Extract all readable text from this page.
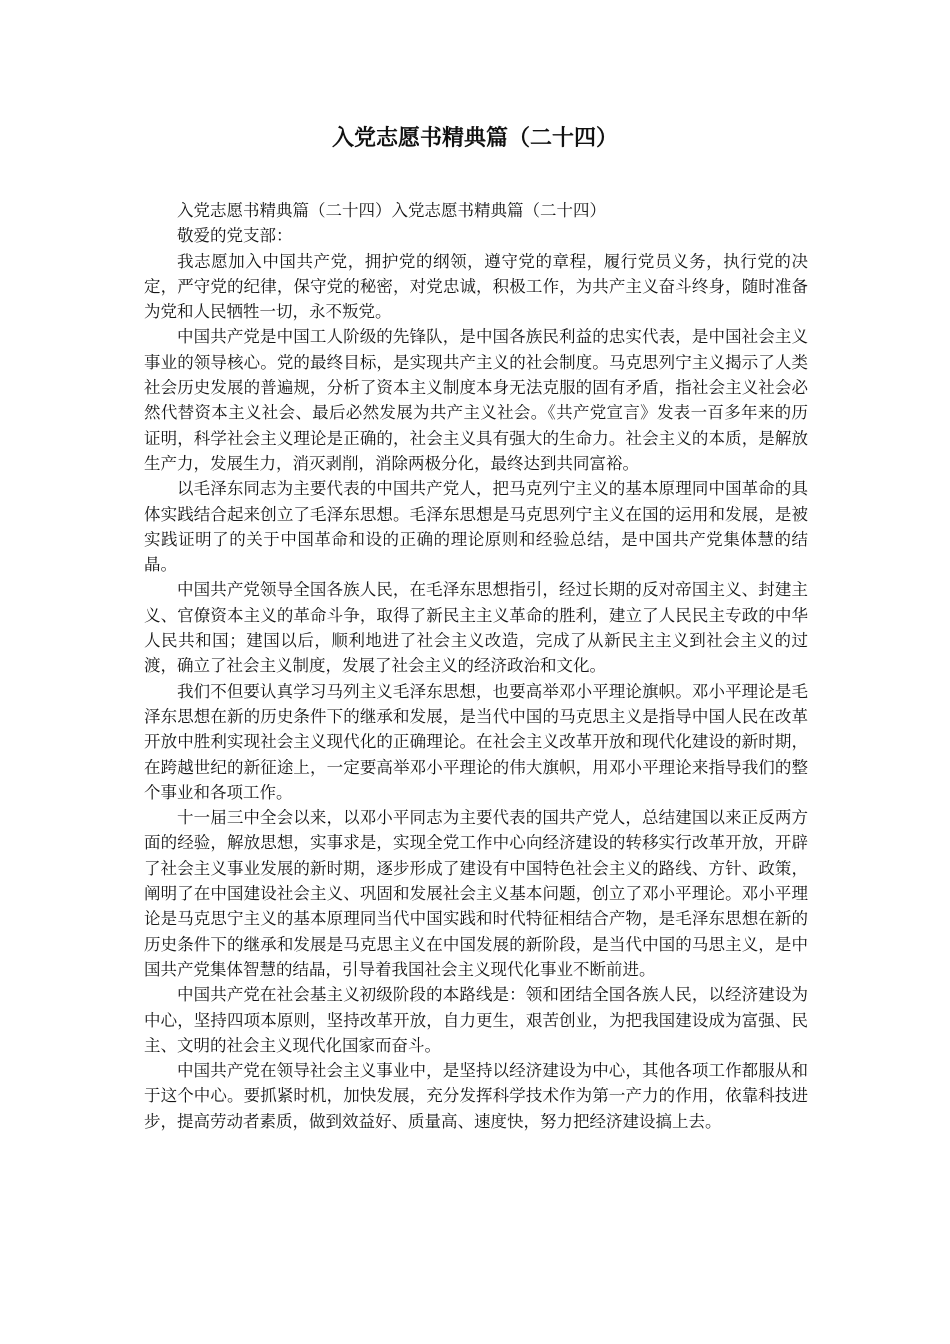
入党志愿书精典篇（二十四）

入党志愿书精典篇（二十四）入党志愿书精典篇（二十四）

敬爱的党支部：

我志愿加入中国共产党，拥护党的纲领，遵守党的章程，履行党员义务，执行党的决定，严守党的纪律，保守党的秘密，对党忠诚，积极工作，为共产主义奋斗终身，随时准备为党和人民牺牲一切，永不叛党。

中国共产党是中国工人阶级的先锋队，是中国各族民利益的忠实代表，是中国社会主义事业的领导核心。党的最终目标，是实现共产主义的社会制度。马克思列宁主义揭示了人类社会历史发展的普遍规，分析了资本主义制度本身无法克服的固有矛盾，指社会主义社会必然代替资本主义社会、最后必然发展为共产主义社会。《共产党宣言》发表一百多年来的历证明，科学社会主义理论是正确的，社会主义具有强大的生命力。社会主义的本质，是解放生产力，发展生力，消灭剥削，消除两极分化，最终达到共同富裕。

以毛泽东同志为主要代表的中国共产党人，把马克列宁主义的基本原理同中国革命的具体实践结合起来创立了毛泽东思想。毛泽东思想是马克思列宁主义在国的运用和发展，是被实践证明了的关于中国革命和设的正确的理论原则和经验总结，是中国共产党集体慧的结晶。

中国共产党领导全国各族人民，在毛泽东思想指引，经过长期的反对帝国主义、封建主义、官僚资本主义的革命斗争，取得了新民主主义革命的胜利，建立了人民民主专政的中华人民共和国；建国以后，顺利地进了社会主义改造，完成了从新民主主义到社会主义的过渡，确立了社会主义制度，发展了社会主义的经济政治和文化。

我们不但要认真学习马列主义毛泽东思想，也要高举邓小平理论旗帜。邓小平理论是毛泽东思想在新的历史条件下的继承和发展，是当代中国的马克思主义是指导中国人民在改革开放中胜利实现社会主义现代化的正确理论。在社会主义改革开放和现代化建设的新时期，在跨越世纪的新征途上，一定要高举邓小平理论的伟大旗帜，用邓小平理论来指导我们的整个事业和各项工作。

十一届三中全会以来，以邓小平同志为主要代表的国共产党人，总结建国以来正反两方面的经验，解放思想，实事求是，实现全党工作中心向经济建设的转移实行改革开放，开辟了社会主义事业发展的新时期，逐步形成了建设有中国特色社会主义的路线、方针、政策，阐明了在中国建设社会主义、巩固和发展社会主义基本问题，创立了邓小平理论。邓小平理论是马克思宁主义的基本原理同当代中国实践和时代特征相结合产物，是毛泽东思想在新的历史条件下的继承和发展是马克思主义在中国发展的新阶段，是当代中国的马思主义，是中国共产党集体智慧的结晶，引导着我国社会主义现代化事业不断前进。

中国共产党在社会基主义初级阶段的本路线是：领和团结全国各族人民，以经济建设为中心，坚持四项本原则，坚持改革开放，自力更生，艰苦创业，为把我国建设成为富强、民主、文明的社会主义现代化国家而奋斗。

中国共产党在领导社会主义事业中，是坚持以经济建设为中心，其他各项工作都服从和于这个中心。要抓紧时机，加快发展，充分发挥科学技术作为第一产力的作用，依靠科技进步，提高劳动者素质，做到效益好、质量高、速度快，努力把经济建设搞上去。
